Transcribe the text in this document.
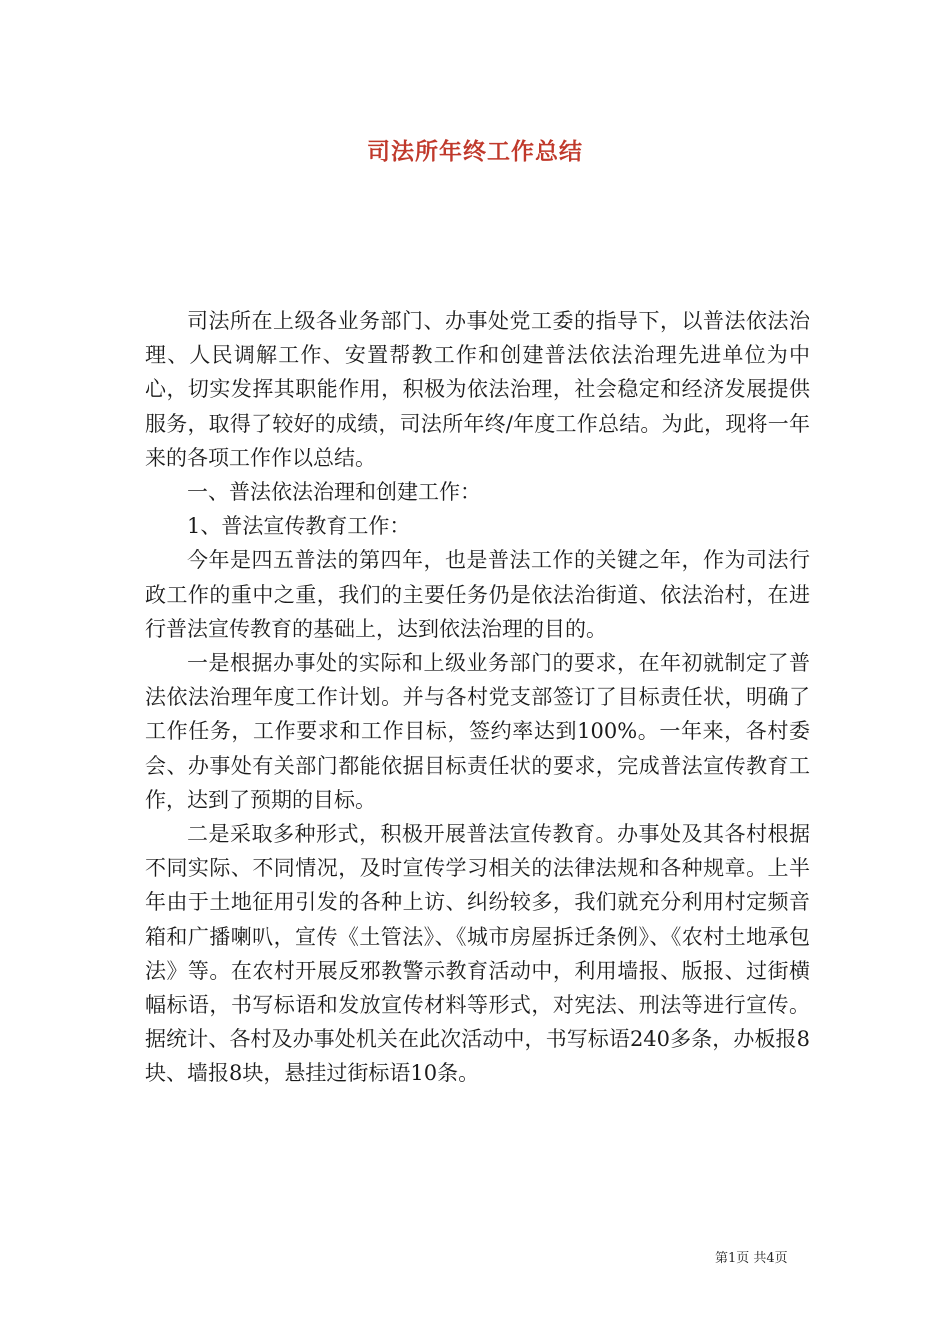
司法所年终工作总结

司法所在上级各业务部门、办事处党工委的指导下，以普法依法治理、人民调解工作、安置帮教工作和创建普法依法治理先进单位为中心，切实发挥其职能作用，积极为依法治理，社会稳定和经济发展提供服务，取得了较好的成绩，司法所年终/年度工作总结。为此，现将一年来的各项工作作以总结。

一、普法依法治理和创建工作：

1、普法宣传教育工作：

今年是四五普法的第四年，也是普法工作的关键之年，作为司法行政工作的重中之重，我们的主要任务仍是依法治街道、依法治村，在进行普法宣传教育的基础上，达到依法治理的目的。

一是根据办事处的实际和上级业务部门的要求，在年初就制定了普法依法治理年度工作计划。并与各村党支部签订了目标责任状，明确了工作任务，工作要求和工作目标，签约率达到100%。一年来，各村委会、办事处有关部门都能依据目标责任状的要求，完成普法宣传教育工作，达到了预期的目标。

二是采取多种形式，积极开展普法宣传教育。办事处及其各村根据不同实际、不同情况，及时宣传学习相关的法律法规和各种规章。上半年由于土地征用引发的各种上访、纠纷较多，我们就充分利用村定频音箱和广播喇叭，宣传《土管法》、《城市房屋拆迁条例》、《农村土地承包法》等。在农村开展反邪教警示教育活动中，利用墙报、版报、过街横幅标语，书写标语和发放宣传材料等形式，对宪法、刑法等进行宣传。据统计、各村及办事处机关在此次活动中，书写标语240多条，办板报8块、墙报8块，悬挂过街标语10条。

第1页 共4页
